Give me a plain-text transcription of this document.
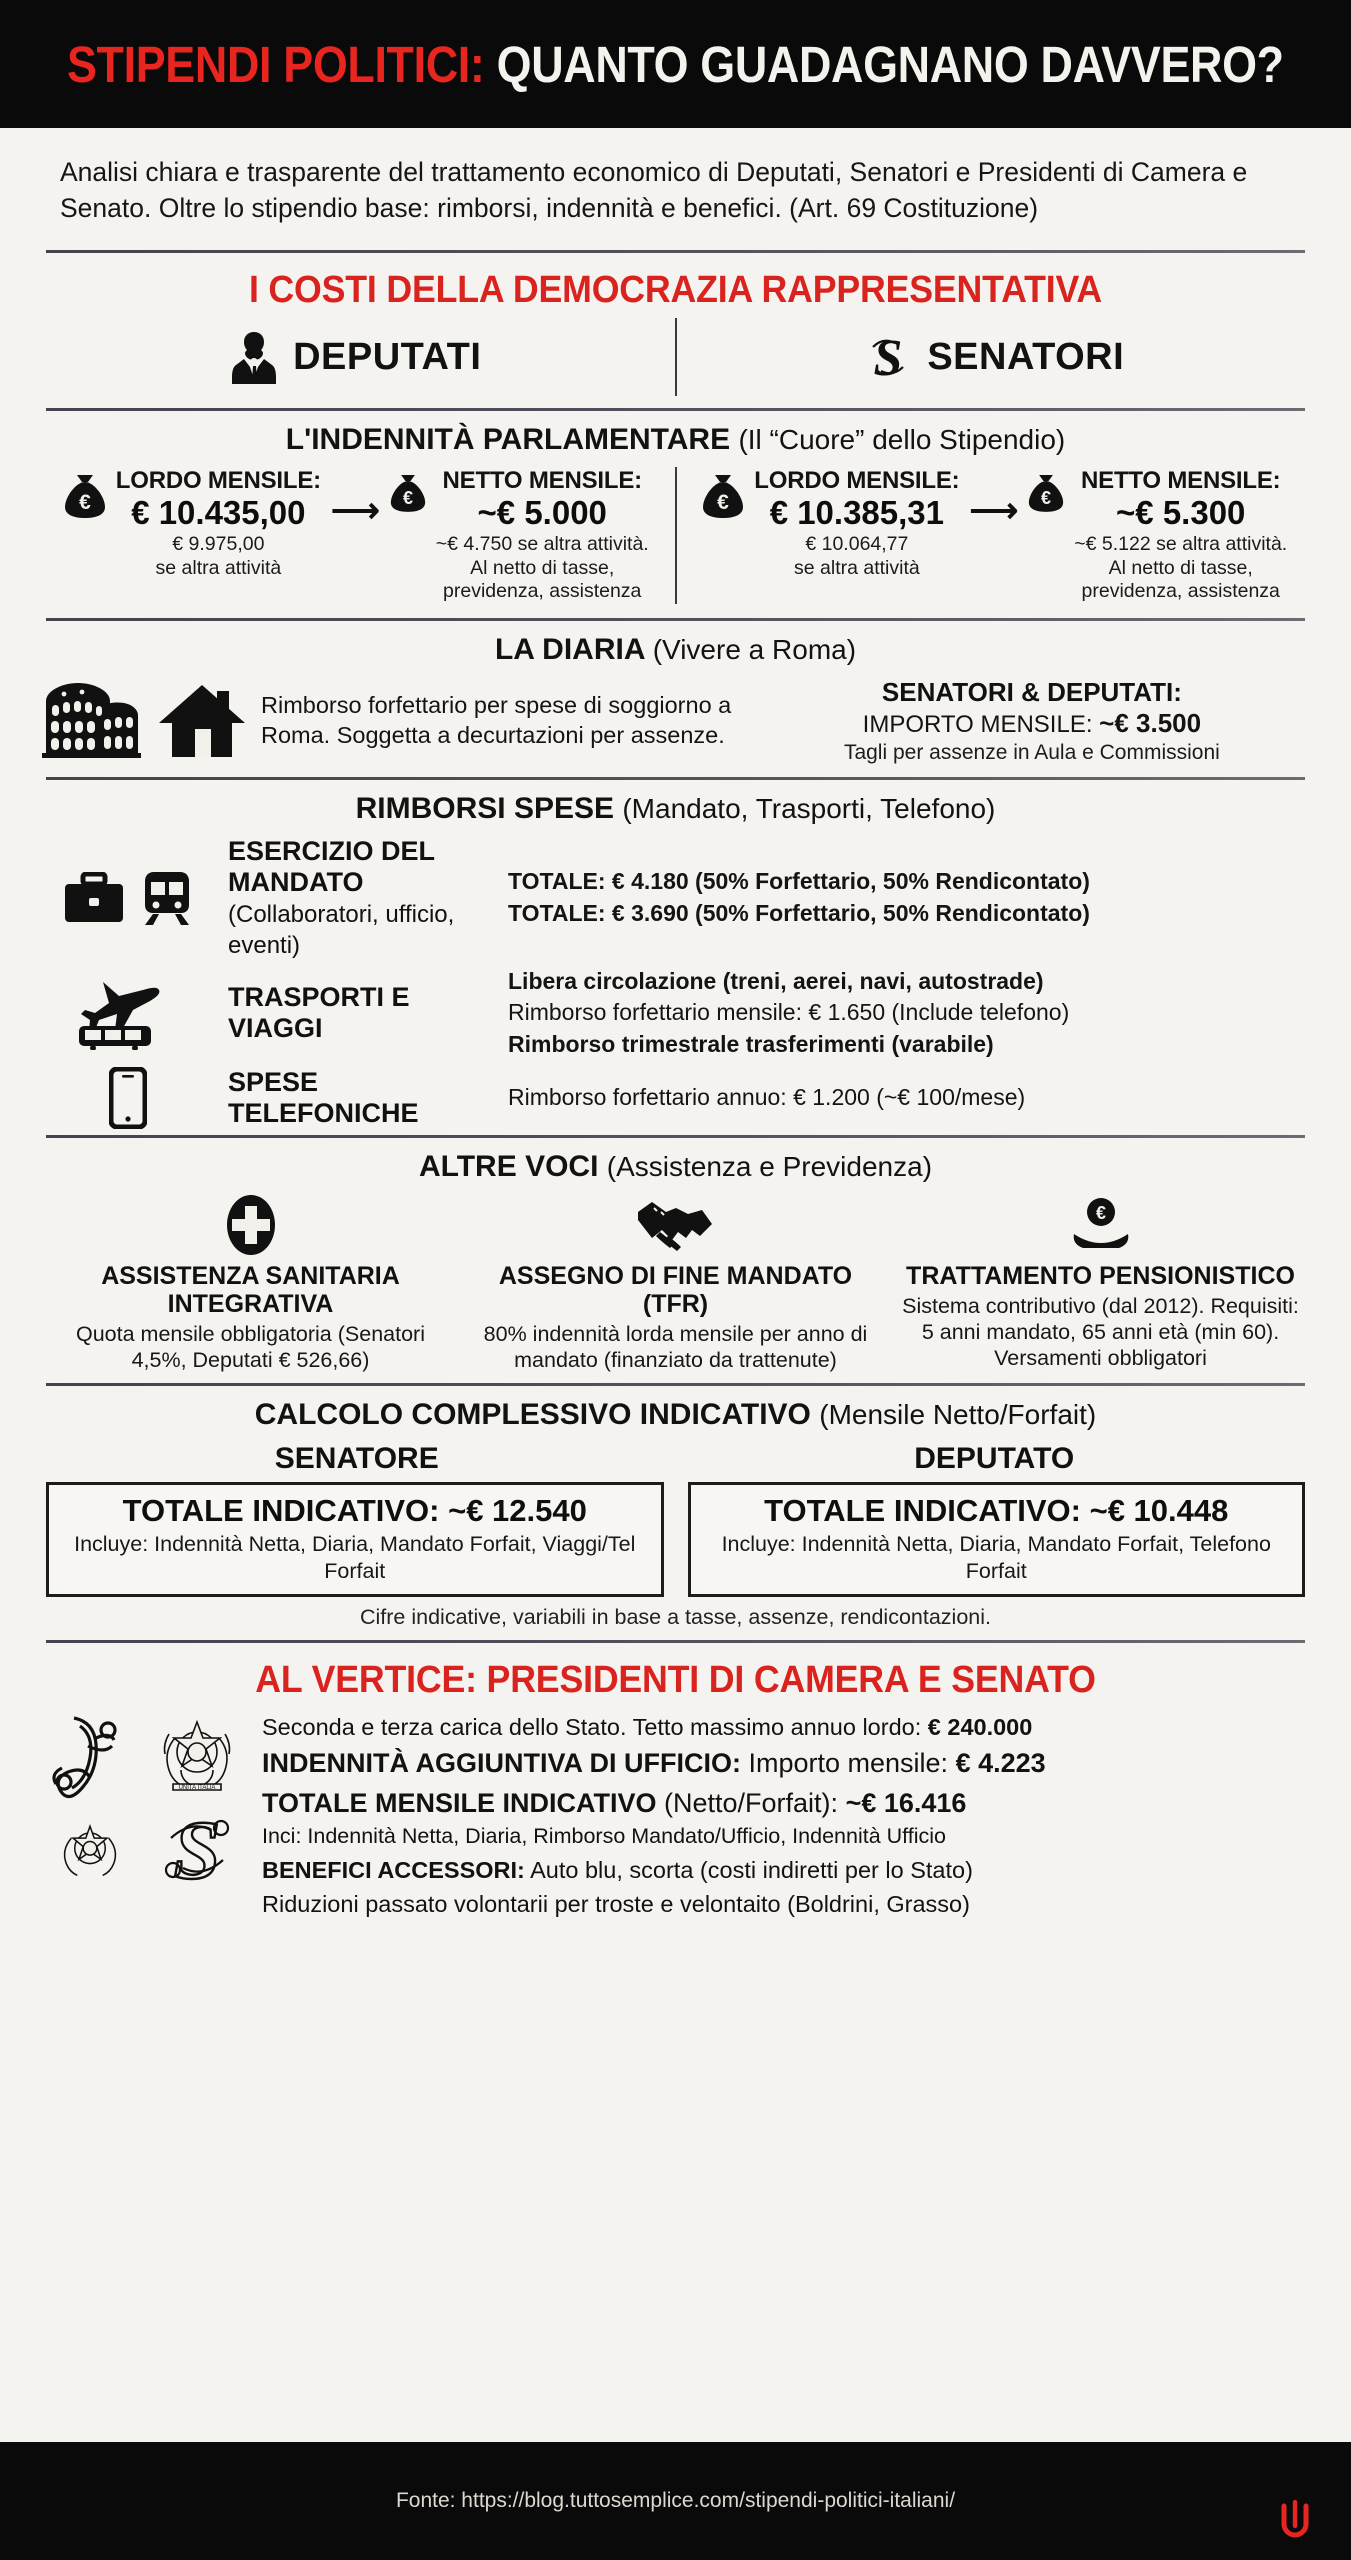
STIPENDI POLITICI: QUANTO GUADAGNANO DAVVERO?

Analisi chiara e trasparente del trattamento economico di Deputati, Senatori e Presidenti di Camera e Senato. Oltre lo stipendio base: rimborsi, indennità e benefici. (Art. 69 Costituzione)

I COSTI DELLA DEMOCRAZIA RAPPRESENTATIVA
DEPUTATI	S SENATORI
L'INDENNITÀ PARLAMENTARE (Il “Cuore” dello Stipendio)
€
LORDO MENSILE:
€ 10.435,00
€ 9.975,00
se altra attività
⟶ €
NETTO MENSILE:
~€ 5.000
~€ 4.750 se altra attività.
Al netto di tasse,
previdenza, assistenza
€
LORDO MENSILE:
€ 10.385,31
€ 10.064,77
se altra attività
⟶ €
NETTO MENSILE:
~€ 5.300
~€ 5.122 se altra attività.
Al netto di tasse,
previdenza, assistenza
LA DIARIA (Vivere a Roma)
Rimborso forfettario per spese di soggiorno a Roma. Soggetta a decurtazioni per assenze.
SENATORI & DEPUTATI:
IMPORTO MENSILE: ~€ 3.500
Tagli per assenze in Aula e Commissioni
RIMBORSI SPESE (Mandato, Trasporti, Telefono)
ESERCIZIO DEL MANDATO
(Collaboratori, ufficio, eventi)
TOTALE: € 4.180 (50% Forfettario, 50% Rendicontato)
TOTALE: € 3.690 (50% Forfettario, 50% Rendicontato)
TRASPORTI E VIAGGI
Libera circolazione (treni, aerei, navi, autostrade)
Rimborso forfettario mensile: € 1.650 (Include telefono)
Rimborso trimestrale trasferimenti (varabile)
SPESE TELEFONICHE
Rimborso forfettario annuo: € 1.200 (~€ 100/mese)
ALTRE VOCI (Assistenza e Previdenza)
ASSISTENZA SANITARIA INTEGRATIVA
Quota mensile obbligatoria (Senatori 4,5%, Deputati € 526,66)
ASSEGNO DI FINE MANDATO (TFR)
80% indennità lorda mensile per anno di mandato (finanziato da trattenute)
€
TRATTAMENTO PENSIONISTICO
Sistema contributivo (dal 2012). Requisiti: 5 anni mandato, 65 anni età (min 60). Versamenti obbligatori
CALCOLO COMPLESSIVO INDICATIVO (Mensile Netto/Forfait)
SENATORE	DEPUTATO
TOTALE INDICATIVO: ~€ 12.540
Incluye: Indennità Netta, Diaria, Mandato Forfait, Viaggi/Tel Forfait
TOTALE INDICATIVO: ~€ 10.448
Incluye: Indennità Netta, Diaria, Mandato Forfait, Telefono Forfait
Cifre indicative, variabili in base a tasse, assenze, rendicontazioni.
AL VERTICE: PRESIDENTI DI CAMERA E SENATO
UNITA ITALIA
S
Seconda e terza carica dello Stato. Tetto massimo annuo lordo: € 240.000
INDENNITÀ AGGIUNTIVA DI UFFICIO: Importo mensile: € 4.223
TOTALE MENSILE INDICATIVO (Netto/Forfait): ~€ 16.416
Inci: Indennità Netta, Diaria, Rimborso Mandato/Ufficio, Indennità Ufficio
BENEFICI ACCESSORI: Auto blu, scorta (costi indiretti per lo Stato)
Riduzioni passato volontarii per troste e velontaito (Boldrini, Grasso)
Fonte: https://blog.tuttosemplice.com/stipendi-politici-italiani/
